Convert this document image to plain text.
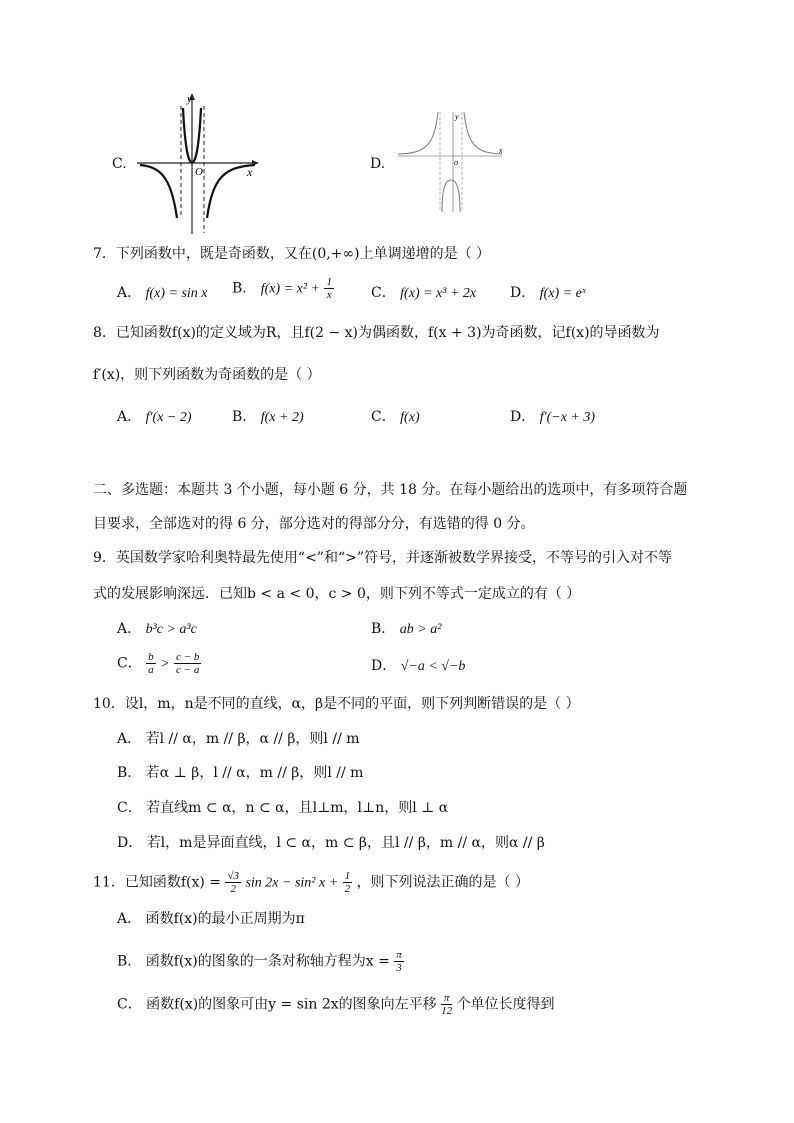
C.	x
y
O	D.
x
y
o
7．下列函数中，既是奇函数，又在(0,+∞)上单调递增的是（ ）
A． f(x) = sin x B． $f(x) = x^2 + \frac{1}{x}$	C． f(x) = x³ + 2x D． f(x) = eˣ
8．已知函数f(x)的定义域为R，且f(2 − x)为偶函数，f(x + 3)为奇函数，记f(x)的导函数为
f′(x)，则下列函数为奇函数的是（ ）
A． f′(x − 2)	B． f(x + 2)	C． f(x)	D． f′(−x + 3)
二、多选题：本题共 3 个小题，每小题 6 分，共 18 分。在每小题给出的选项中，有多项符合题
目要求，全部选对的得 6 分，部分选对的得部分分，有选错的得 0 分。
9．英国数学家哈利奥特最先使用“<”和“>”符号，并逐渐被数学界接受，不等号的引入对不等
式的发展影响深远．已知b < a < 0，c > 0，则下列不等式一定成立的有（ ）
A． b³c > a³c	B． ab > a²
C． $\frac{b}{a} > \frac{c - b}{c - a}$	D． √−a < √−b
10．设l，m，n是不同的直线，α，β是不同的平面，则下列判断错误的是（ ）
A． 若l // α，m // β，α // β，则l // m
B． 若α ⊥ β，l // α，m // β，则l // m
C． 若直线m ⊂ α，n ⊂ α，且l⊥m，l⊥n，则l ⊥ α
D． 若l，m是异面直线，l ⊂ α，m ⊂ β，且l // β，m // α，则α // β
11．已知函数$f(x) = \frac{√3}{2}$ sin 2x − sin² $x + \frac{1}{2}$ ，则下列说法正确的是（ ）
A． 函数f(x)的最小正周期为π
B． 函数f(x)的图象的一条对称轴方程为$x = \frac{\pi}{3}$
C． 函数f(x)的图象可由y = sin 2x的图象向左平移 $\frac{\pi}{12}$ 个单位长度得到
